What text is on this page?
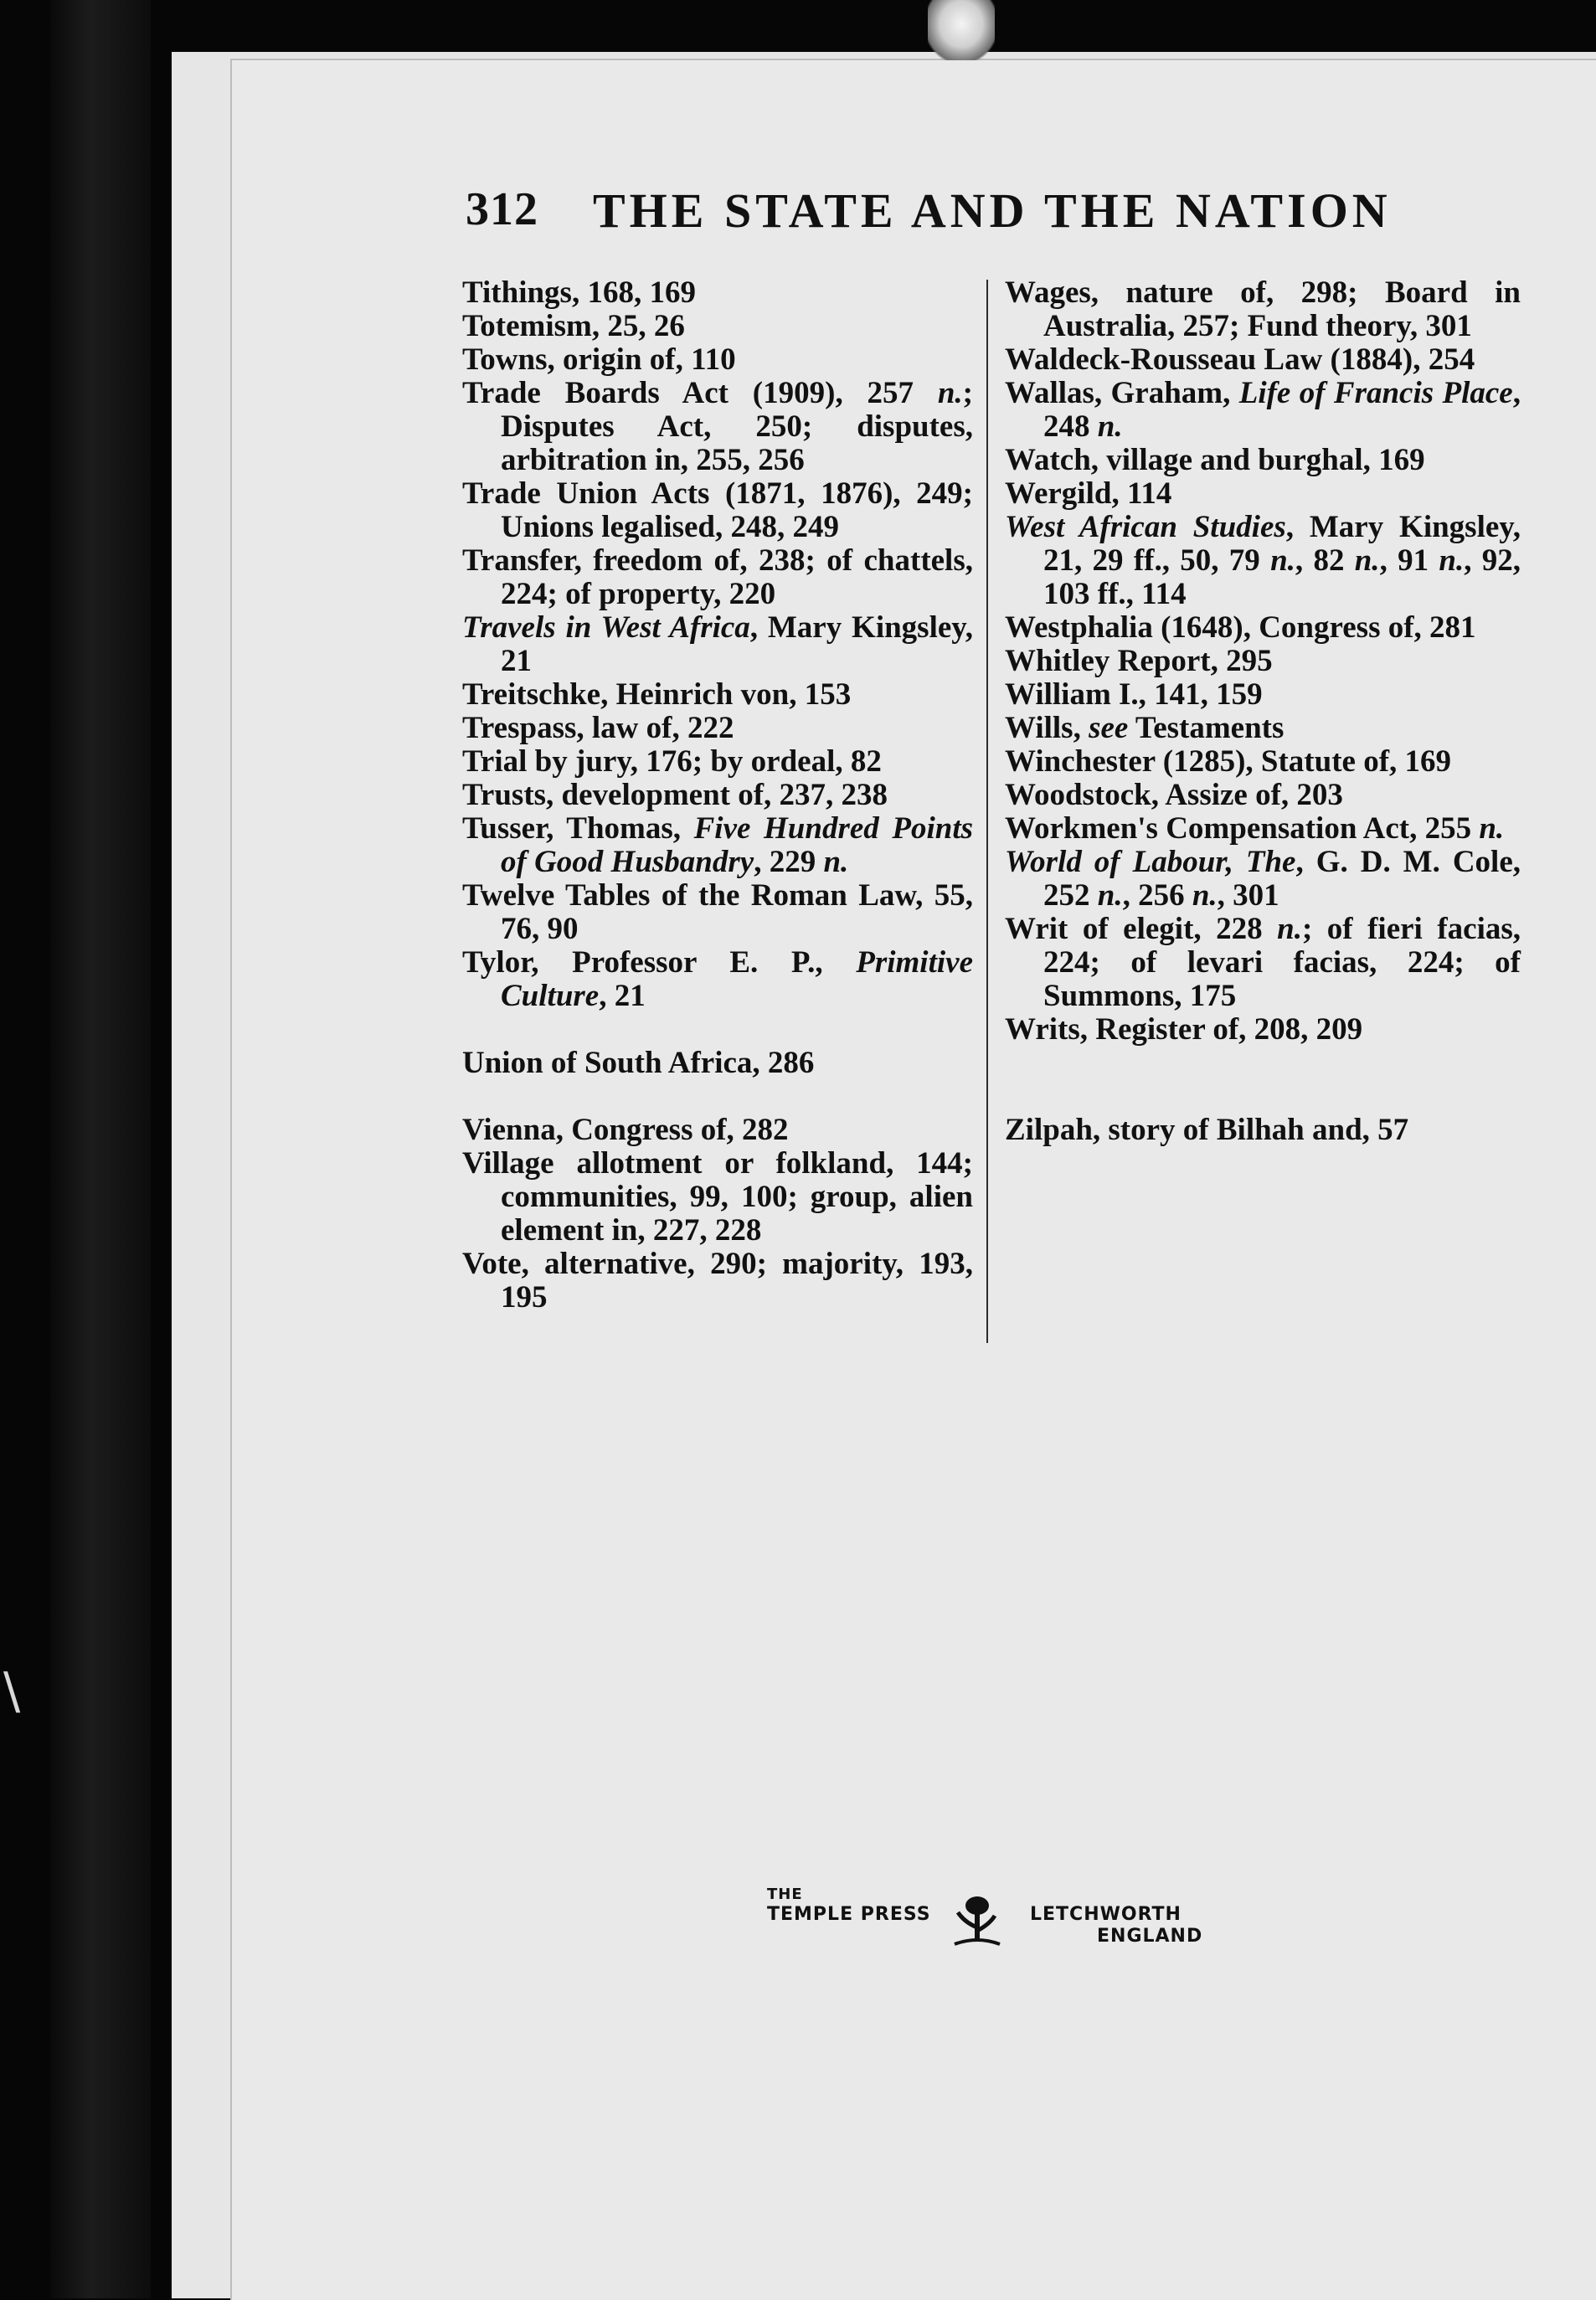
\
312 THE STATE AND THE NATION

Tithings, 168, 169

Totemism, 25, 26

Towns, origin of, 110

Trade Boards Act (1909), 257 n.; Disputes Act, 250; disputes, arbitration in, 255, 256

Trade Union Acts (1871, 1876), 249; Unions legalised, 248, 249

Transfer, freedom of, 238; of chattels, 224; of property, 220

Travels in West Africa, Mary Kingsley, 21

Treitschke, Heinrich von, 153

Trespass, law of, 222

Trial by jury, 176; by ordeal, 82

Trusts, development of, 237, 238

Tusser, Thomas, Five Hundred Points of Good Husbandry, 229 n.

Twelve Tables of the Roman Law, 55, 76, 90

Tylor, Professor E. P., Primitive Culture, 21

Union of South Africa, 286

Vienna, Congress of, 282

Village allotment or folkland, 144; communities, 99, 100; group, alien element in, 227, 228

Vote, alternative, 290; majority, 193, 195

Wages, nature of, 298; Board in Australia, 257; Fund theory, 301

Waldeck-Rousseau Law (1884), 254

Wallas, Graham, Life of Francis Place, 248 n.

Watch, village and burghal, 169

Wergild, 114

West African Studies, Mary Kingsley, 21, 29 ff., 50, 79 n., 82 n., 91 n., 92, 103 ff., 114

Westphalia (1648), Congress of, 281

Whitley Report, 295

William I., 141, 159

Wills, see Testaments

Winchester (1285), Statute of, 169

Woodstock, Assize of, 203

Workmen's Compensation Act, 255 n.

World of Labour, The, G. D. M. Cole, 252 n., 256 n., 301

Writ of elegit, 228 n.; of fieri facias, 224; of levari facias, 224; of Summons, 175

Writs, Register of, 208, 209

Zilpah, story of Bilhah and, 57

THE
TEMPLE PRESS	LETCHWORTH
ENGLAND
